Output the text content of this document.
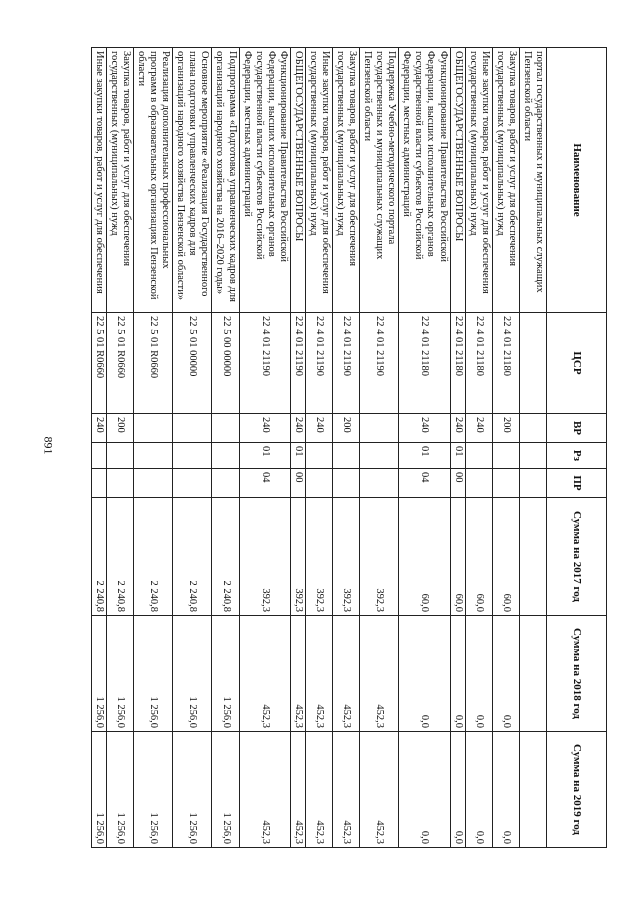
891
Наименование	ЦСР	ВР	Рз	ПР	Сумма на 2017 год	Сумма на 2018 год	Сумма на 2019 год
портал государственных и муниципальных служащих Пензенской области							
Закупка товаров, работ и услуг для обеспечения государственных (муниципальных) нужд	22 4 01 21180	200			60,0	0,0	0,0
Иные закупки товаров, работ и услуг для обеспечения государственных (муниципальных) нужд	22 4 01 21180	240			60,0	0,0	0,0
ОБЩЕГОСУДАРСТВЕННЫЕ ВОПРОСЫ	22 4 01 21180	240	01	00	60,0	0,0	0,0
Функционирование Правительства Российской Федерации, высших исполнительных органов государственной власти субъектов Российской Федерации, местных администраций	22 4 01 21180	240	01	04	60,0	0,0	0,0
Поддержка Учебно-методического портала государственных и муниципальных служащих Пензенской области	22 4 01 21190				392,3	452,3	452,3
Закупка товаров, работ и услуг для обеспечения государственных (муниципальных) нужд	22 4 01 21190	200			392,3	452,3	452,3
Иные закупки товаров, работ и услуг для обеспечения государственных (муниципальных) нужд	22 4 01 21190	240			392,3	452,3	452,3
ОБЩЕГОСУДАРСТВЕННЫЕ ВОПРОСЫ	22 4 01 21190	240	01	00	392,3	452,3	452,3
Функционирование Правительства Российской Федерации, высших исполнительных органов государственной власти субъектов Российской Федерации, местных администраций	22 4 01 21190	240	01	04	392,3	452,3	452,3
Подпрограмма «Подготовка управленческих кадров для организаций народного хозяйства на 2016–2020 годы»	22 5 00 00000				2 240,8	1 256,0	1 256,0
Основное мероприятие «Реализация Государственного плана подготовки управленческих кадров для организаций народного хозяйства Пензенской области»	22 5 01 00000				2 240,8	1 256,0	1 256,0
Реализация дополнительных профессиональных программ в образовательных организациях Пензенской области	22 5 01 R0660				2 240,8	1 256,0	1 256,0
Закупка товаров, работ и услуг для обеспечения государственных (муниципальных) нужд	22 5 01 R0660	200			2 240,8	1 256,0	1 256,0
Иные закупки товаров, работ и услуг для обеспечения	22 5 01 R0660	240			2 240,8	1 256,0	1 256,0
